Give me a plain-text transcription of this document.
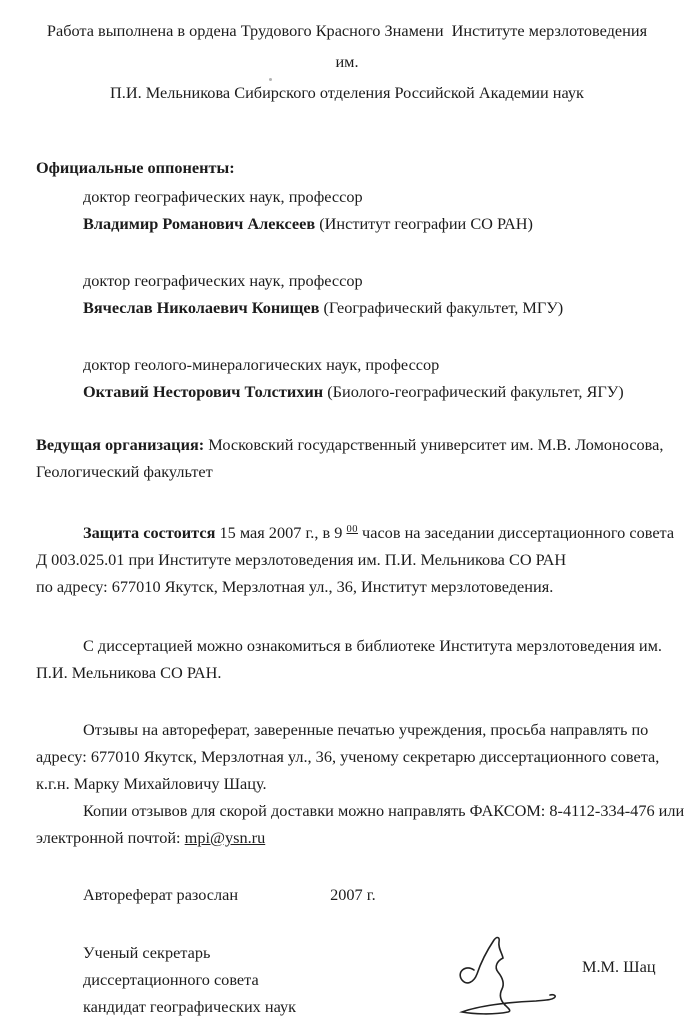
Работа выполнена в ордена Трудового Красного Знамени  Институте мерзлотоведения им.
П.И. Мельникова Сибирского отделения Российской Академии наук
Официальные оппоненты:
доктор географических наук, профессор
Владимир Романович Алексеев (Институт географии СО РАН)
доктор географических наук, профессор
Вячеслав Николаевич Конищев (Географический факультет, МГУ)
доктор геолого-минералогических наук, профессор
Октавий Несторович Толстихин (Биолого-географический факультет, ЯГУ)
Ведущая организация: Московский государственный университет им. М.В. Ломоносова,
Геологический факультет
Защита состоится 15 мая 2007 г., в 9 $^{00}$ часов на заседании диссертационного совета
Д 003.025.01 при Институте мерзлотоведения им. П.И. Мельникова СО РАН
по адресу: 677010 Якутск, Мерзлотная ул., 36, Институт мерзлотоведения.
С диссертацией можно ознакомиться в библиотеке Института мерзлотоведения им.
П.И. Мельникова СО РАН.
Отзывы на автореферат, заверенные печатью учреждения, просьба направлять по
адресу: 677010 Якутск, Мерзлотная ул., 36, ученому секретарю диссертационного совета,
к.г.н. Марку Михайловичу Шацу.
Копии отзывов для скорой доставки можно направлять ФАКСОМ: 8-4112-334-476 или
электронной почтой: mpi@ysn.ru
Автореферат разослан	2007 г.
Ученый секретарь
диссертационного совета
кандидат географических наук
М.М. Шац
